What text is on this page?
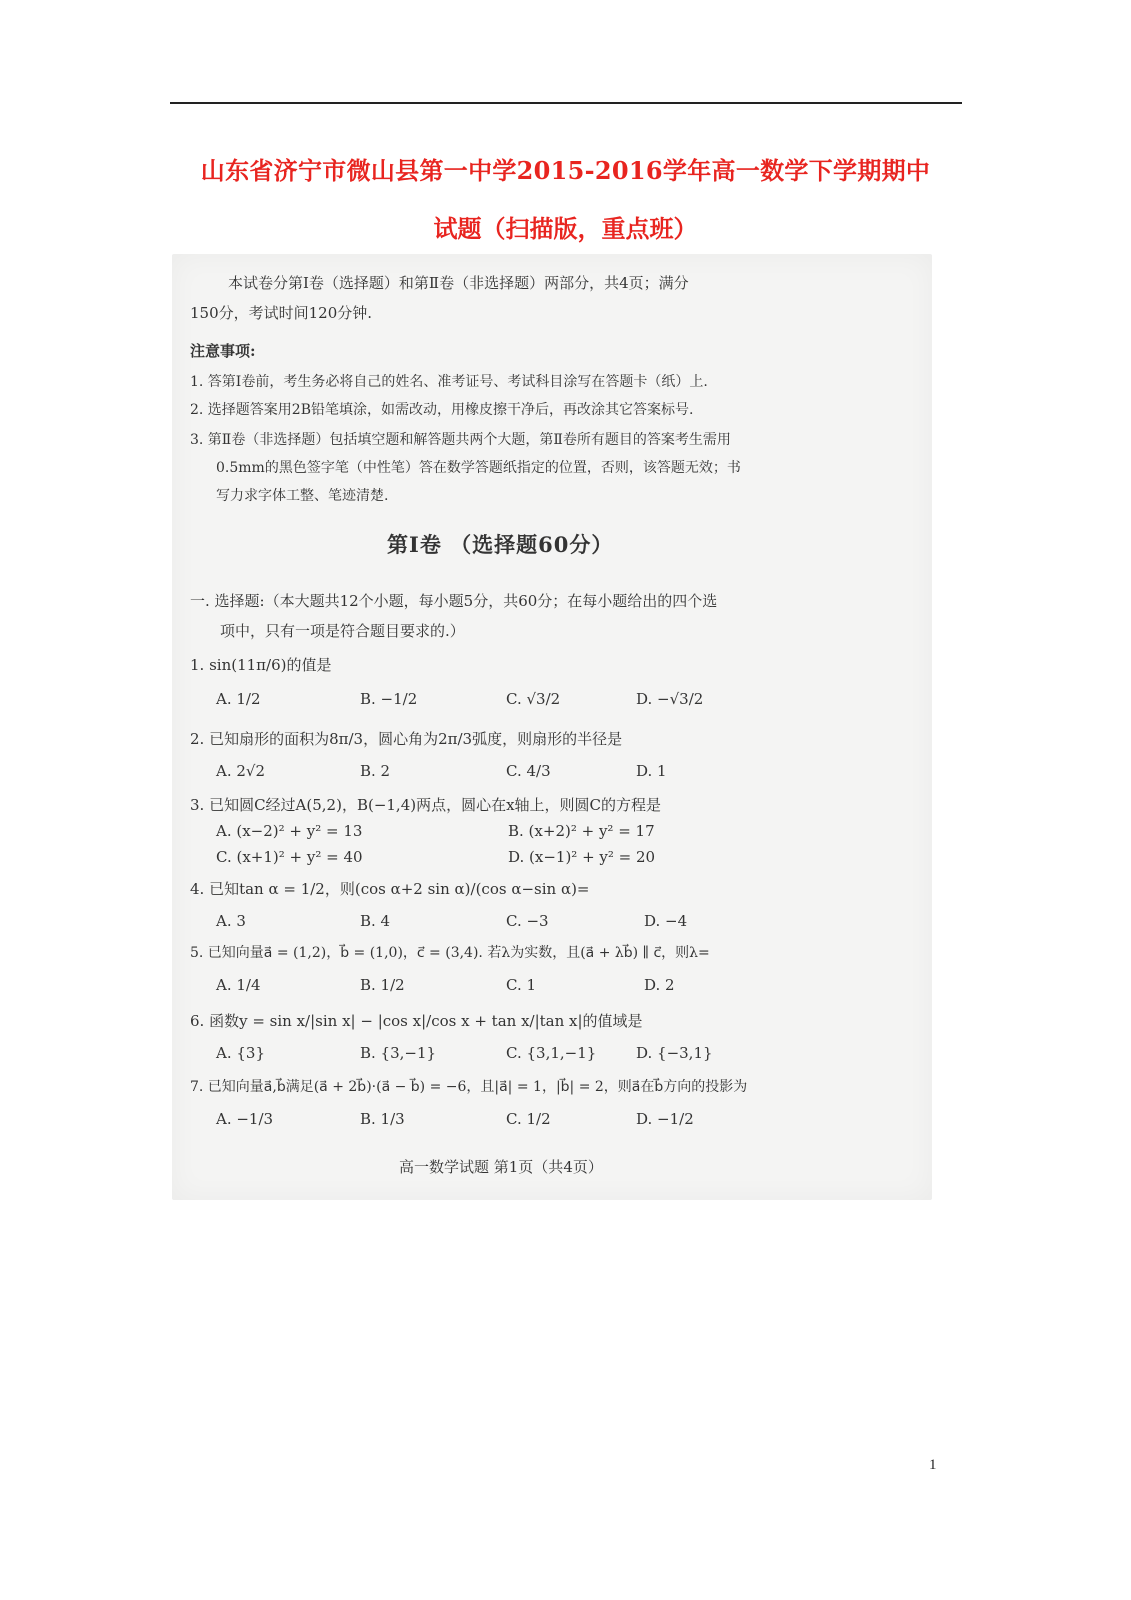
山东省济宁市微山县第一中学2015-2016学年高一数学下学期期中
试题（扫描版，重点班）
本试卷分第Ⅰ卷（选择题）和第Ⅱ卷（非选择题）两部分，共4页；满分
150分，考试时间120分钟.
注意事项:
1. 答第Ⅰ卷前，考生务必将自己的姓名、准考证号、考试科目涂写在答题卡（纸）上.
2. 选择题答案用2B铅笔填涂，如需改动，用橡皮擦干净后，再改涂其它答案标号.
3. 第Ⅱ卷（非选择题）包括填空题和解答题共两个大题，第Ⅱ卷所有题目的答案考生需用
0.5mm的黑色签字笔（中性笔）答在数学答题纸指定的位置，否则，该答题无效；书
写力求字体工整、笔迹清楚.
第Ⅰ卷 （选择题60分）
一. 选择题:（本大题共12个小题，每小题5分，共60分；在每小题给出的四个选
项中，只有一项是符合题目要求的.）
1. sin(11π/6)的值是
A. 1/2	B. −1/2	C. √3/2	D. −√3/2
2. 已知扇形的面积为8π/3，圆心角为2π/3弧度，则扇形的半径是
A. 2√2	B. 2	C. 4/3	D. 1
3. 已知圆C经过A(5,2)，B(−1,4)两点，圆心在x轴上，则圆C的方程是
A. (x−2)² + y² = 13	B. (x+2)² + y² = 17
C. (x+1)² + y² = 40	D. (x−1)² + y² = 20
4. 已知tan α = 1/2，则(cos α+2 sin α)/(cos α−sin α)=
A. 3	B. 4	C. −3	D. −4
5. 已知向量a⃗ = (1,2)，b⃗ = (1,0)，c⃗ = (3,4). 若λ为实数，且(a⃗ + λb⃗) ∥ c⃗，则λ=
A. 1/4	B. 1/2	C. 1	D. 2
6. 函数y = sin x/|sin x| − |cos x|/cos x + tan x/|tan x|的值域是
A. {3}	B. {3,−1}	C. {3,1,−1}	D. {−3,1}
7. 已知向量a⃗,b⃗满足(a⃗ + 2b⃗)·(a⃗ − b⃗) = −6，且|a⃗| = 1，|b⃗| = 2，则a⃗在b⃗方向的投影为
A. −1/3	B. 1/3	C. 1/2	D. −1/2
高一数学试题 第1页（共4页）
1
